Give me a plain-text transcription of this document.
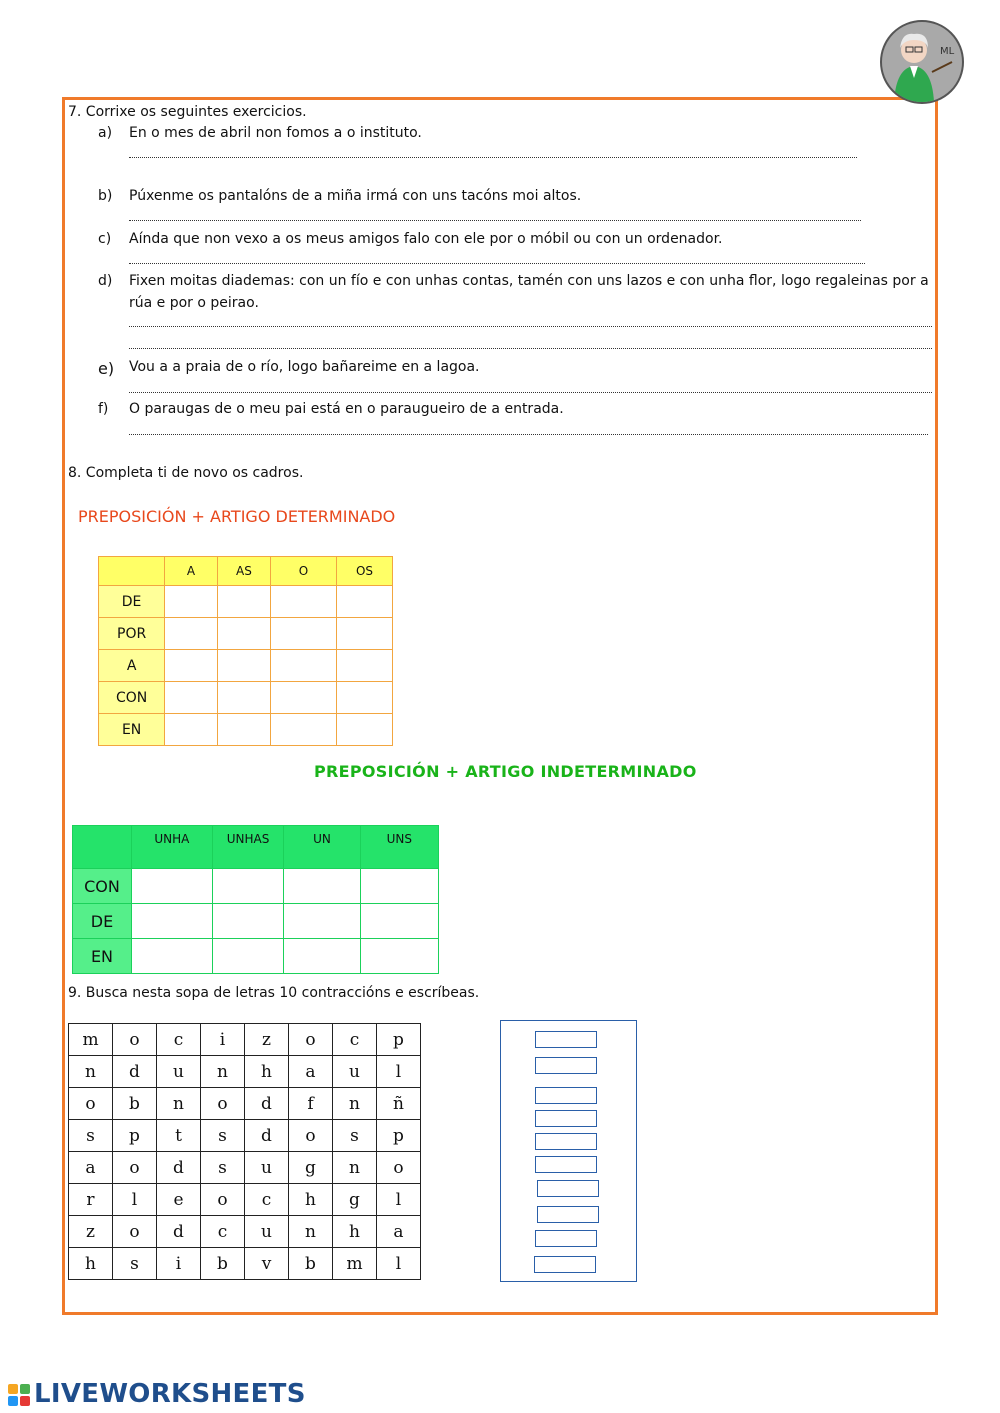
ML
7. Corrixe os seguintes exercicios.
a) En o mes de abril non fomos a o instituto.
b) Púxenme os pantalóns de a miña irmá con uns tacóns moi altos.
c) Aínda que non vexo a os meus amigos falo con ele por o móbil ou con un ordenador.
d) Fixen moitas diademas: con un fío e con unhas contas, tamén con uns lazos e con unha flor, logo regaleinas por a
rúa e por o peirao.
e) Vou a a praia de o río, logo bañareime en a lagoa.
f) O paraugas de o meu pai está en o paraugueiro de a entrada.
8. Completa ti de novo os cadros.
PREPOSICIÓN + ARTIGO DETERMINADO
	A	AS	O	OS
DE				
POR				
A				
CON				
EN				
PREPOSICIÓN + ARTIGO INDETERMINADO
	UNHA	UNHAS	UN	UNS
CON				
DE				
EN				
9. Busca nesta sopa de letras 10 contraccións e escríbeas.
m	o	c	i	z	o	c	p
n	d	u	n	h	a	u	l
o	b	n	o	d	f	n	ñ
s	p	t	s	d	o	s	p
a	o	d	s	u	g	n	o
r	l	e	o	c	h	g	l
z	o	d	c	u	n	h	a
h	s	i	b	v	b	m	l
LIVEWORKSHEETS
